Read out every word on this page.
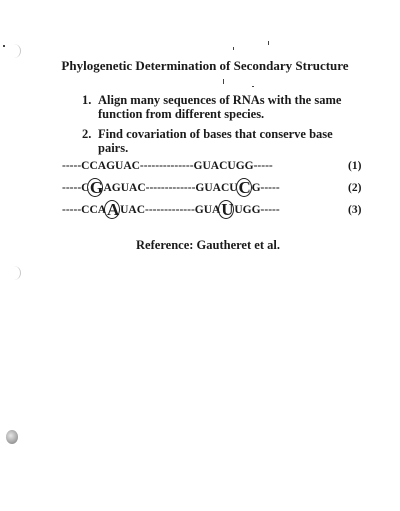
Phylogenetic Determination of Secondary Structure
1. Align many sequences of RNAs with the same function from different species.
2. Find covariation of bases that conserve base pairs.
-----CCAGUAC--------------GUACUGG-----	(1)
-----C G AGUAC-------------GUACU C G-----	(2)
-----CCA A UAC-------------GUA U UGG-----	(3)
Reference: Gautheret et al.
